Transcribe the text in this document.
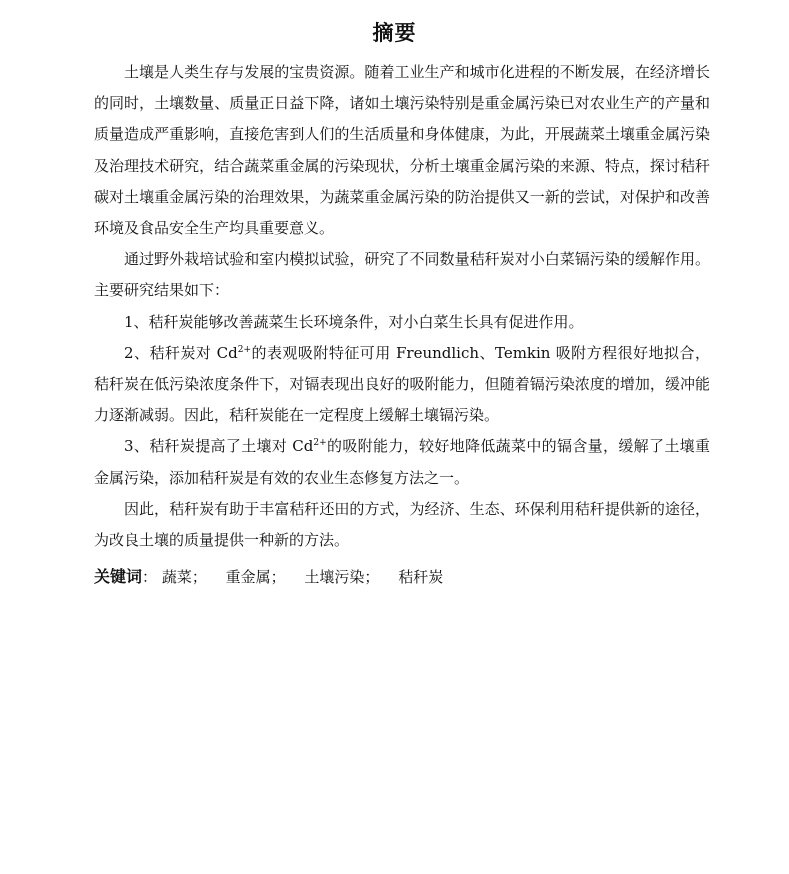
摘要

土壤是人类生存与发展的宝贵资源。随着工业生产和城市化进程的不断发展，在经济增长的同时，土壤数量、质量正日益下降，诸如土壤污染特别是重金属污染已对农业生产的产量和质量造成严重影响，直接危害到人们的生活质量和身体健康，为此，开展蔬菜土壤重金属污染及治理技术研究，结合蔬菜重金属的污染现状，分析土壤重金属污染的来源、特点，探讨秸秆碳对土壤重金属污染的治理效果，为蔬菜重金属污染的防治提供又一新的尝试，对保护和改善环境及食品安全生产均具重要意义。

通过野外栽培试验和室内模拟试验，研究了不同数量秸秆炭对小白菜镉污染的缓解作用。主要研究结果如下：

1、秸秆炭能够改善蔬菜生长环境条件，对小白菜生长具有促进作用。

2、秸秆炭对 $Cd^{2+}$的表观吸附特征可用 Freundlich、Temkin 吸附方程很好地拟合，秸秆炭在低污染浓度条件下，对镉表现出良好的吸附能力，但随着镉污染浓度的增加，缓冲能力逐渐减弱。因此，秸秆炭能在一定程度上缓解土壤镉污染。

3、秸秆炭提高了土壤对 $Cd^{2+}$的吸附能力，较好地降低蔬菜中的镉含量，缓解了土壤重金属污染，添加秸秆炭是有效的农业生态修复方法之一。

因此，秸秆炭有助于丰富秸秆还田的方式，为经济、生态、环保利用秸秆提供新的途径，为改良土壤的质量提供一种新的方法。

关键词： 蔬菜； 重金属； 土壤污染； 秸秆炭
